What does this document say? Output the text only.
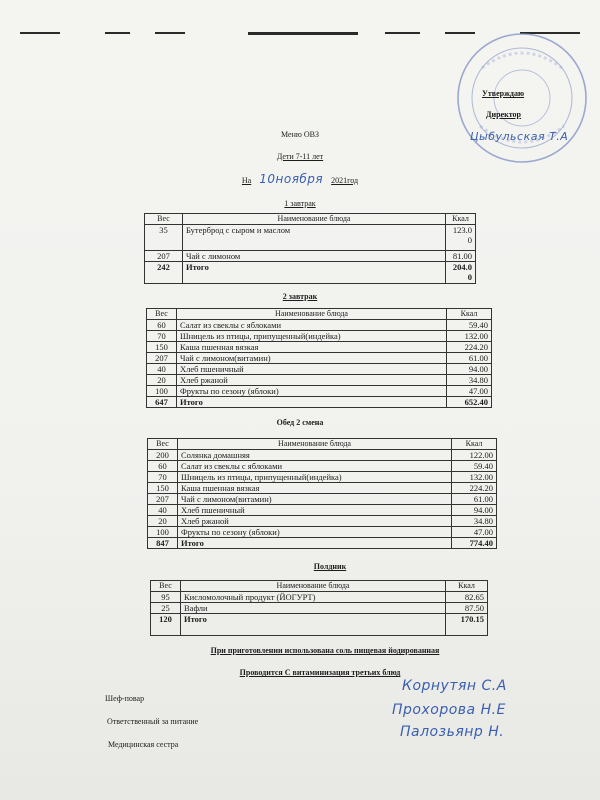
Утверждаю
Директор
Цыбульская Т.А
Меню ОВЗ
Дети 7-11 лет
На 10ноября 2021год
1 завтрак
Вес	Наименование блюда	Ккал
35	Бутерброд с сыром и маслом	123.00
207	Чай с лимоном	81.00
242	Итого	204.00
2 завтрак
Вес	Наименование блюда	Ккал
60	Салат из свеклы с яблоками	59.40
70	Шницель из птицы, припущенный(индейка)	132.00
150	Каша пшенная вязкая	224.20
207	Чай с лимоном(витамин)	61.00
40	Хлеб пшеничный	94.00
20	Хлеб ржаной	34.80
100	Фрукты по сезону (яблоки)	47.00
647	Итого	652.40
Обед 2 смена
Вес	Наименование блюда	Ккал
200	Солянка домашняя	122.00
60	Салат из свеклы с яблоками	59.40
70	Шницель из птицы, припущенный(индейка)	132.00
150	Каша пшенная вязкая	224.20
207	Чай с лимоном(витамин)	61.00
40	Хлеб пшеничный	94.00
20	Хлеб ржаной	34.80
100	Фрукты по сезону (яблоки)	47.00
847	Итого	774.40
Полдник
Вес	Наименование блюда	Ккал
95	Кисломолочный продукт (ЙОГУРТ)	82.65
25	Вафли	87.50
120	Итого	170.15
При приготовлении использована соль пищевая йодированная
Проводится С витаминизация третьих блюд
Шеф-повар
Ответственный за питание
Медицинская сестра
Корнутян С.А
Прохорова Н.Е
Палозьянр Н.
